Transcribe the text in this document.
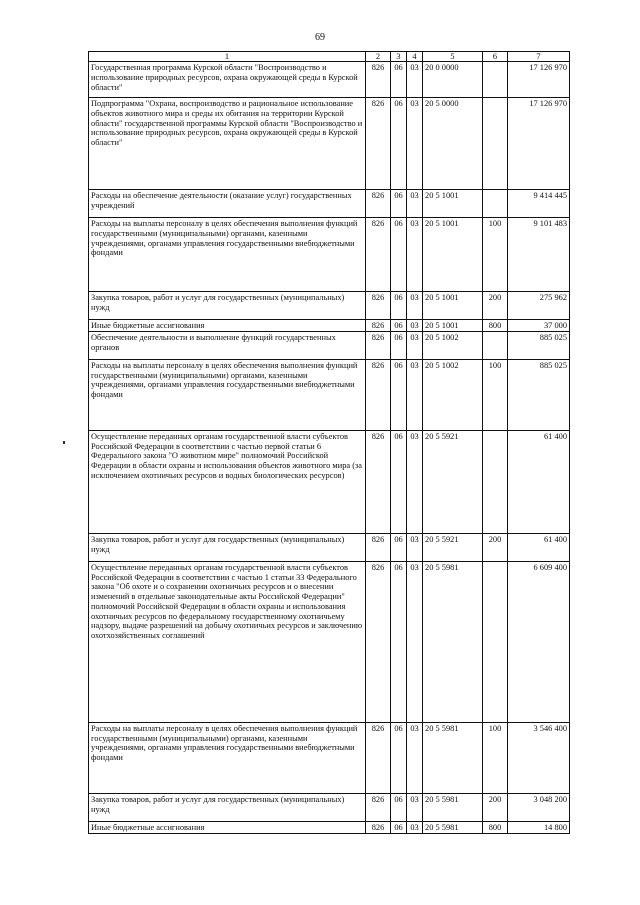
69
1	2	3	4	5	6	7
Государственная программа Курской области "Воспроизводство и использование природных ресурсов, охрана окружающей среды в Курской области"	826	06	03	20 0 0000		17 126 970
Подпрограмма "Охрана, воспроизводство и рациональное использование объектов животного мира и среды их обитания на территории Курской области" государственной программы Курской области "Воспроизводство и использование природных ресурсов, охрана окружающей среды в Курской области"	826	06	03	20 5 0000		17 126 970
Расходы на обеспечение деятельности (оказание услуг) государственных учреждений	826	06	03	20 5 1001		9 414 445
Расходы на выплаты персоналу в целях обеспечения выполнения функций государственными (муниципальными) органами, казенными учреждениями, органами управления государственными внебюджетными фондами	826	06	03	20 5 1001	100	9 101 483
Закупка товаров, работ и услуг для государственных (муниципальных) нужд	826	06	03	20 5 1001	200	275 962
Иные бюджетные ассигнования	826	06	03	20 5 1001	800	37 000
Обеспечение деятельности и выполнение функций государственных органов	826	06	03	20 5 1002		885 025
Расходы на выплаты персоналу в целях обеспечения выполнения функций государственными (муниципальными) органами, казенными учреждениями, органами управления государственными внебюджетными фондами	826	06	03	20 5 1002	100	885 025
Осуществление переданных органам государственной власти субъектов Российской Федерации в соответствии с частью первой статьи 6 Федерального закона "О животном мире" полномочий Российской Федерации в области охраны и использования объектов животного мира (за исключением охотничьих ресурсов и водных биологических ресурсов)	826	06	03	20 5 5921		61 400
Закупка товаров, работ и услуг для государственных (муниципальных) нужд	826	06	03	20 5 5921	200	61 400
Осуществление переданных органам государственной власти субъектов Российской Федерации в соответствии с частью 1 статьи 33 Федерального закона "Об охоте и о сохранении охотничьих ресурсов и о внесении изменений в отдельные законодательные акты Российской Федерации" полномочий Российской Федерации в области охраны и использования охотничьих ресурсов по федеральному государственному охотничьему надзору, выдаче разрешений на добычу охотничьих ресурсов и заключению охотхозяйственных соглашений	826	06	03	20 5 5981		6 609 400
Расходы на выплаты персоналу в целях обеспечения выполнения функций государственными (муниципальными) органами, казенными учреждениями, органами управления государственными внебюджетными фондами	826	06	03	20 5 5981	100	3 546 400
Закупка товаров, работ и услуг для государственных (муниципальных) нужд	826	06	03	20 5 5981	200	3 048 200
Иные бюджетные ассигнования	826	06	03	20 5 5981	800	14 800
